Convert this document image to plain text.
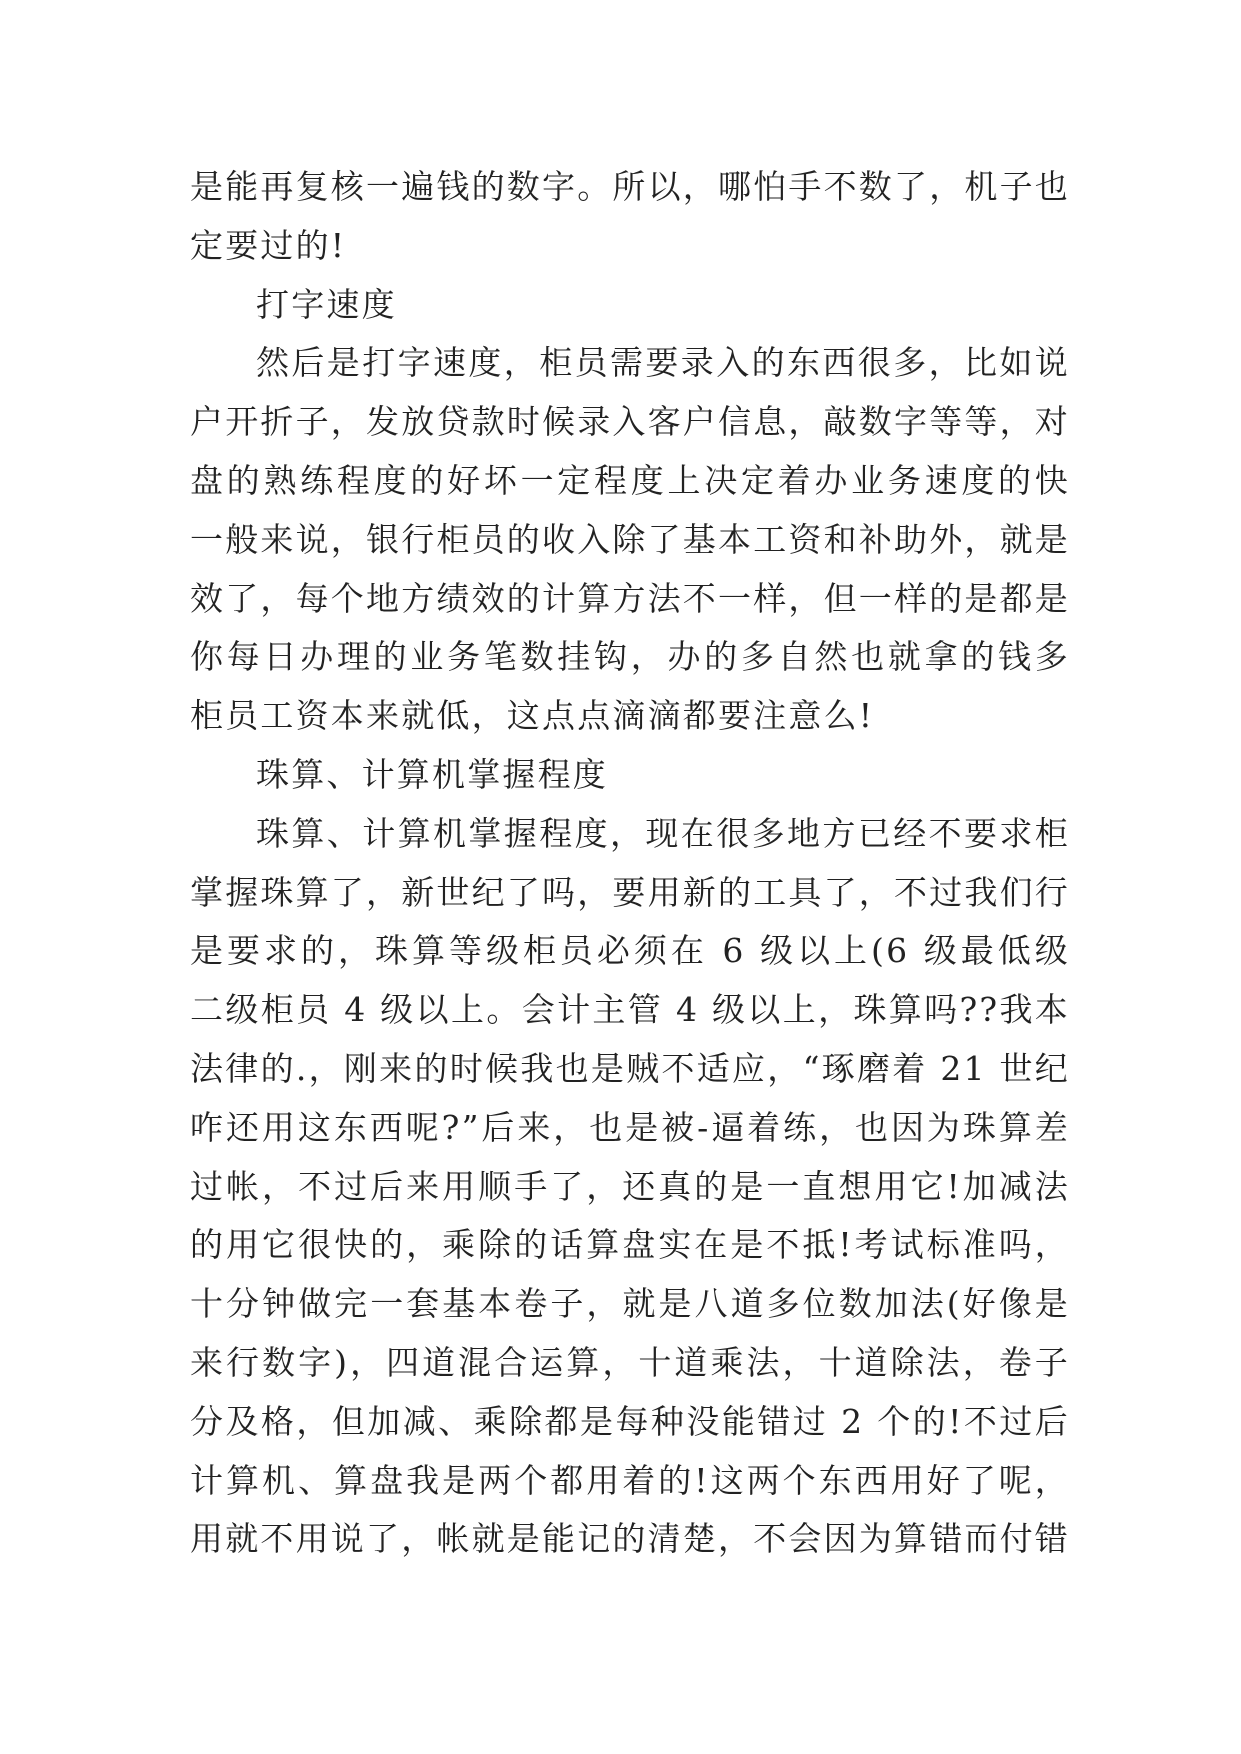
是能再复核一遍钱的数字。所以，哪怕手不数了，机子也
定要过的!
打字速度
然后是打字速度，柜员需要录入的东西很多，比如说
户开折子，发放贷款时候录入客户信息，敲数字等等，对
盘的熟练程度的好坏一定程度上决定着办业务速度的快
一般来说，银行柜员的收入除了基本工资和补助外，就是
效了，每个地方绩效的计算方法不一样，但一样的是都是
你每日办理的业务笔数挂钩，办的多自然也就拿的钱多
柜员工资本来就低，这点点滴滴都要注意么!
珠算、计算机掌握程度
珠算、计算机掌握程度，现在很多地方已经不要求柜
掌握珠算了，新世纪了吗，要用新的工具了，不过我们行
是要求的，珠算等级柜员必须在 6 级以上(6 级最低级
二级柜员 4 级以上。会计主管 4 级以上，珠算吗??我本
法律的.，刚来的时候我也是贼不适应，“琢磨着 21 世纪
咋还用这东西呢?”后来，也是被-逼着练，也因为珠算差
过帐，不过后来用顺手了，还真的是一直想用它!加减法
的用它很快的，乘除的话算盘实在是不抵!考试标准吗，
十分钟做完一套基本卷子，就是八道多位数加法(好像是
来行数字)，四道混合运算，十道乘法，十道除法，卷子
分及格，但加减、乘除都是每种没能错过 2 个的!不过后
计算机、算盘我是两个都用着的!这两个东西用好了呢，
用就不用说了，帐就是能记的清楚，不会因为算错而付错
